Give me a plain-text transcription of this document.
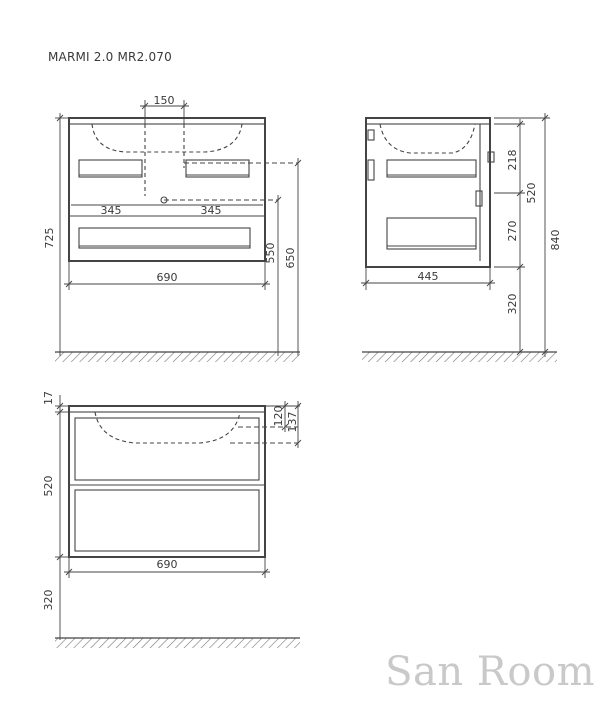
MARMI 2.0 MR2.070
150
725
345	345
690
550 650
445
218
270
520
320
840
17
520
690
320
120 137
San Room
